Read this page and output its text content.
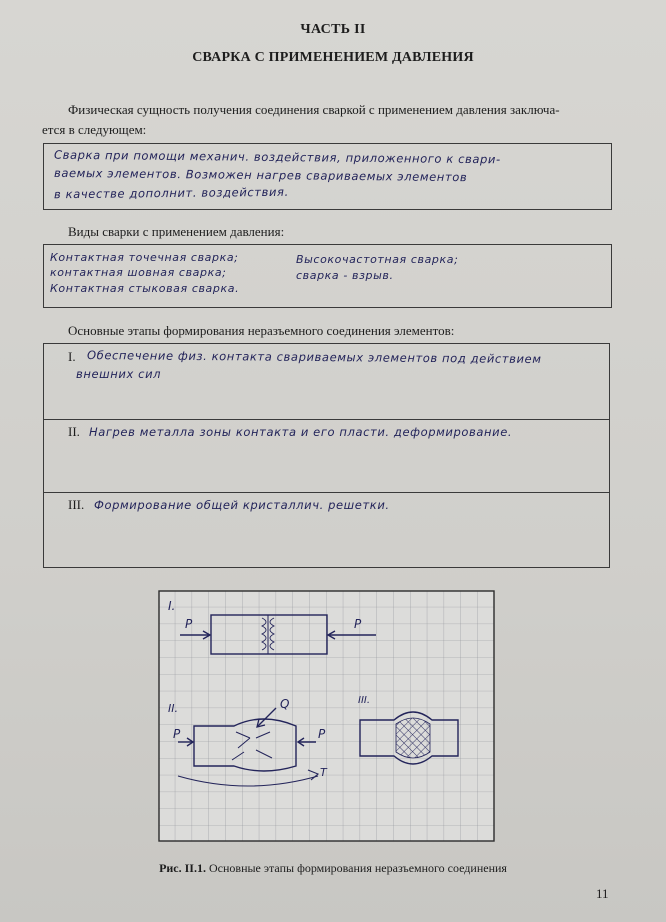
ЧАСТЬ II
СВАРКА С ПРИМЕНЕНИЕМ ДАВЛЕНИЯ
Физическая сущность получения соединения сваркой с применением давления заключа-
ется в следующем:
Сварка при помощи механич. воздействия, приложенного к свари-
ваемых элементов. Возможен нагрев свариваемых элементов
в качестве дополнит. воздействия.
Виды сварки с применением давления:
Контактная точечная сварка;
контактная шовная сварка;
Контактная стыковая сварка.
Высокочастотная сварка;
сварка - взрыв.
Основные этапы формирования неразъемного соединения элементов:
I. Обеспечение физ. контакта свариваемых элементов под действием
внешних сил
II. Нагрев металла зоны контакта и его пласти. деформирование.
III. Формирование общей кристаллич. решетки.
I.
P	P
II.
P	P
Q
T
III.
Рис. II.1. Основные этапы формирования неразъемного соединения
11
